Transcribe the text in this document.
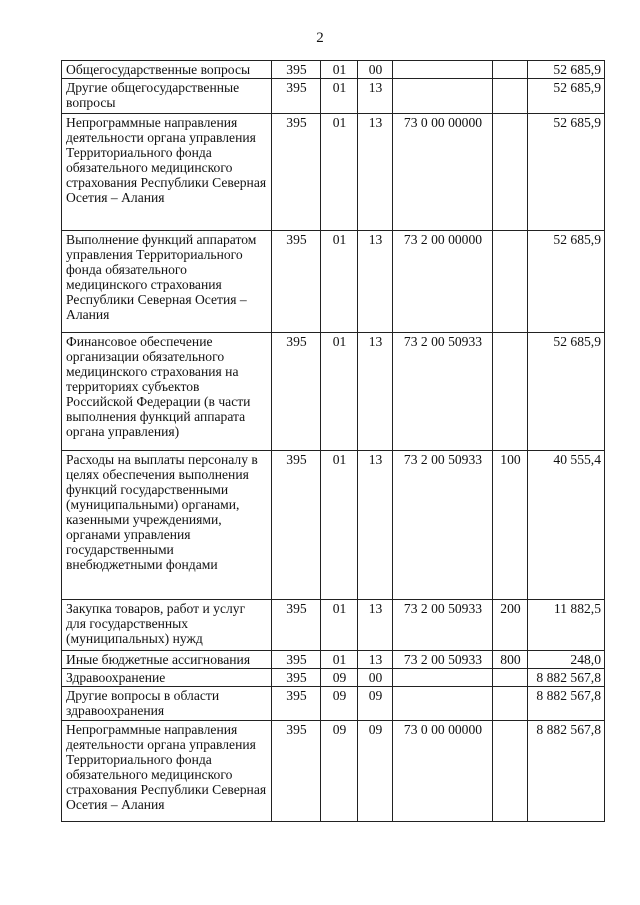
2
Общегосударственные вопросы	395	01	00			52 685,9
Другие общегосударственные вопросы	395	01	13			52 685,9
Непрограммные направления деятельности органа управления Территориального фонда обязательного медицинского страхования Республики Северная Осетия – Алания	395	01	13	73 0 00 00000		52 685,9
Выполнение функций аппаратом управления Территориального фонда обязательного медицинского страхования Республики Северная Осетия – Алания	395	01	13	73 2 00 00000		52 685,9
Финансовое обеспечение организации обязательного медицинского страхования на территориях субъектов Российской Федерации (в части выполнения функций аппарата органа управления)	395	01	13	73 2 00 50933		52 685,9
Расходы на выплаты персоналу в целях обеспечения выполнения функций государственными (муниципальными) органами, казенными учреждениями, органами управления государственными внебюджетными фондами	395	01	13	73 2 00 50933	100	40 555,4
Закупка товаров, работ и услуг для государственных (муниципальных) нужд	395	01	13	73 2 00 50933	200	11 882,5
Иные бюджетные ассигнования	395	01	13	73 2 00 50933	800	248,0
Здравоохранение	395	09	00			8 882 567,8
Другие вопросы в области здравоохранения	395	09	09			8 882 567,8
Непрограммные направления деятельности органа управления Территориального фонда обязательного медицинского страхования Республики Северная Осетия – Алания	395	09	09	73 0 00 00000		8 882 567,8
